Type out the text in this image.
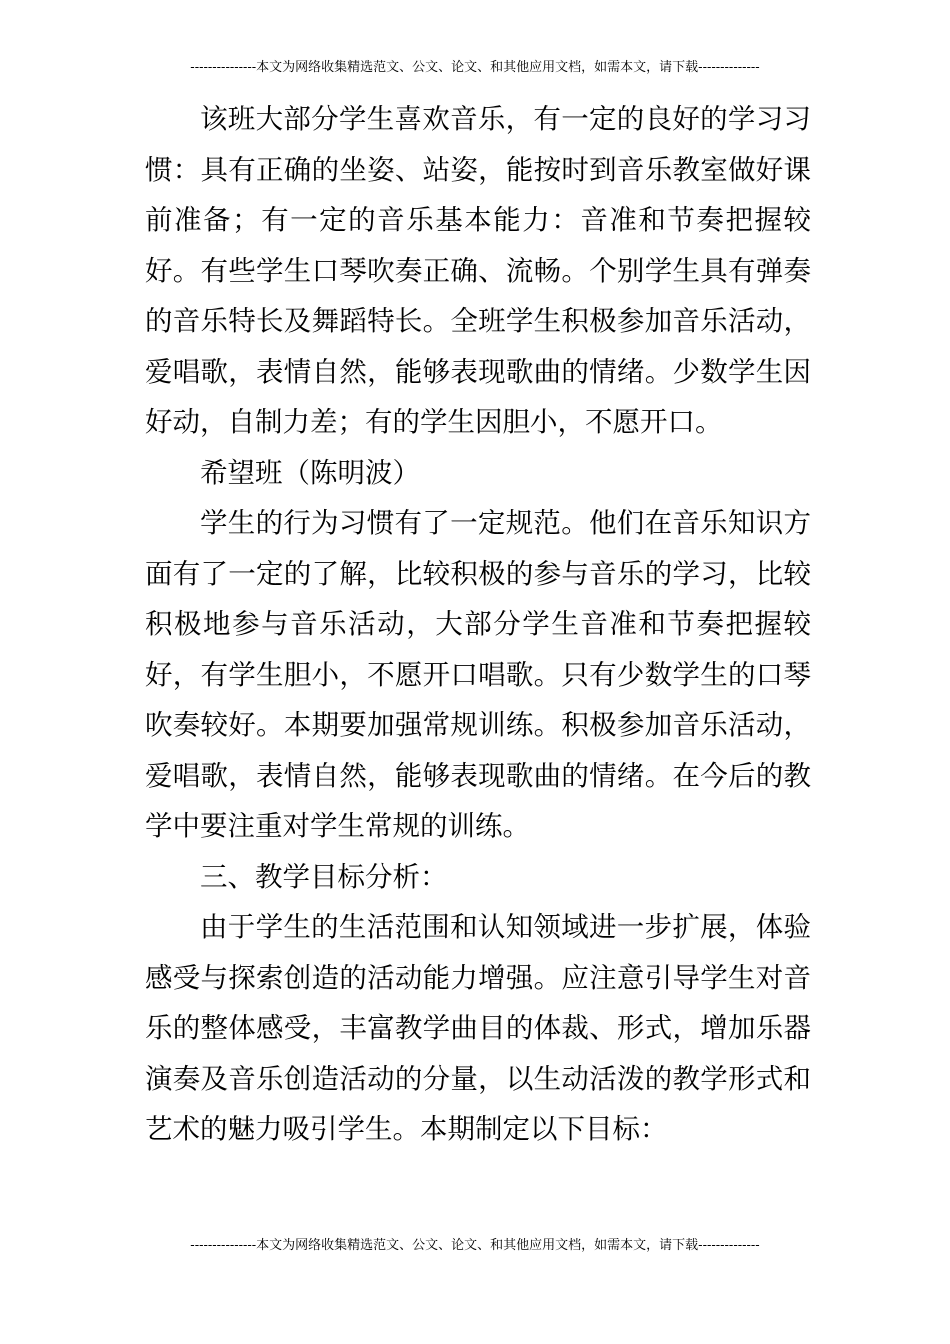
---------------本文为网络收集精选范文、公文、论文、和其他应用文档，如需本文，请下载--------------

该班大部分学生喜欢音乐，有一定的良好的学习习惯：具有正确的坐姿、站姿，能按时到音乐教室做好课前准备；有一定的音乐基本能力：音准和节奏把握较好。有些学生口琴吹奏正确、流畅。个别学生具有弹奏的音乐特长及舞蹈特长。全班学生积极参加音乐活动，爱唱歌，表情自然，能够表现歌曲的情绪。少数学生因好动，自制力差；有的学生因胆小，不愿开口。

希望班（陈明波）

学生的行为习惯有了一定规范。他们在音乐知识方面有了一定的了解，比较积极的参与音乐的学习，比较积极地参与音乐活动，大部分学生音准和节奏把握较好，有学生胆小，不愿开口唱歌。只有少数学生的口琴吹奏较好。本期要加强常规训练。积极参加音乐活动，爱唱歌，表情自然，能够表现歌曲的情绪。在今后的教学中要注重对学生常规的训练。

三、教学目标分析：

由于学生的生活范围和认知领域进一步扩展，体验感受与探索创造的活动能力增强。应注意引导学生对音乐的整体感受，丰富教学曲目的体裁、形式，增加乐器演奏及音乐创造活动的分量，以生动活泼的教学形式和艺术的魅力吸引学生。本期制定以下目标：

---------------本文为网络收集精选范文、公文、论文、和其他应用文档，如需本文，请下载--------------
